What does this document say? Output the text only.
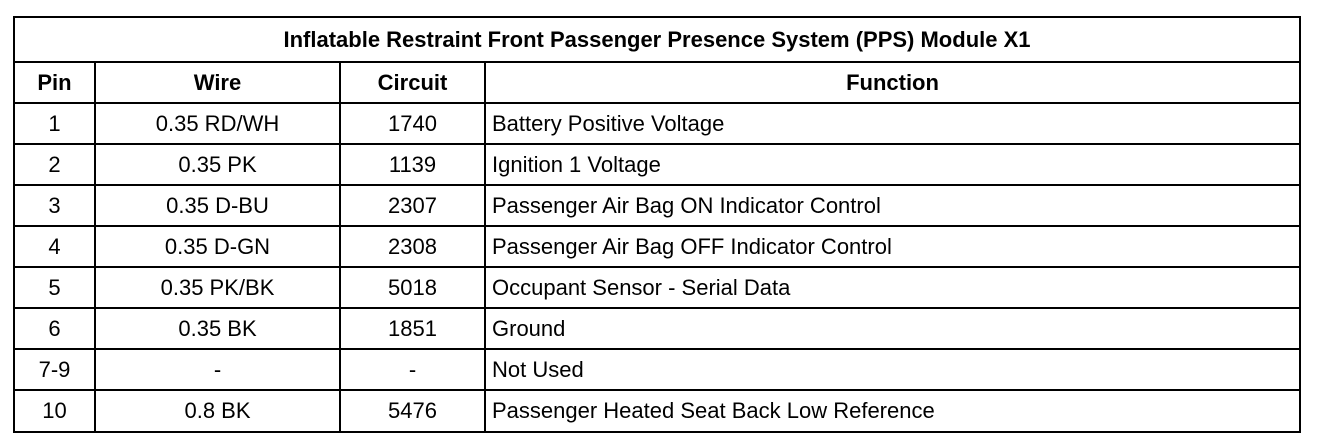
Inflatable Restraint Front Passenger Presence System (PPS) Module X1			
Pin	Wire	Circuit	Function
1	0.35 RD/WH	1740	Battery Positive Voltage
2	0.35 PK	1139	Ignition 1 Voltage
3	0.35 D-BU	2307	Passenger Air Bag ON Indicator Control
4	0.35 D-GN	2308	Passenger Air Bag OFF Indicator Control
5	0.35 PK/BK	5018	Occupant Sensor - Serial Data
6	0.35 BK	1851	Ground
7-9	-	-	Not Used
10	0.8 BK	5476	Passenger Heated Seat Back Low Reference
